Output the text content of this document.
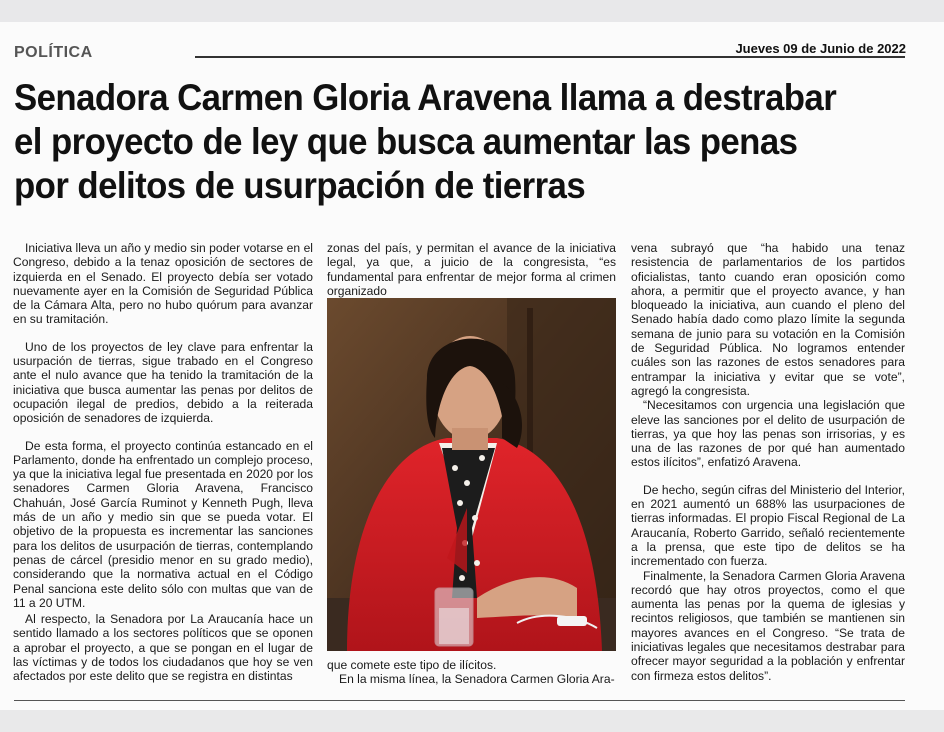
POLÍTICA	Jueves 09 de Junio de 2022
Senadora Carmen Gloria Aravena llama a destrabar el proyecto de ley que busca aumentar las penas por delitos de usurpación de tierras

Iniciativa lleva un año y medio sin poder votarse en el Congreso, debido a la tenaz oposición de sectores de izquierda en el Senado. El proyecto debía ser votado nuevamente ayer en la Comisión de Seguridad Pública de la Cámara Alta, pero no hubo quórum para avanzar en su tramitación.

Uno de los proyectos de ley clave para enfrentar la usurpación de tierras, sigue trabado en el Congreso ante el nulo avance que ha tenido la tramitación de la iniciativa que busca aumentar las penas por delitos de ocupación ilegal de predios, debido a la reiterada oposición de senadores de izquierda.

De esta forma, el proyecto continúa estancado en el Parlamento, donde ha enfrentado un complejo proceso, ya que la iniciativa legal fue presentada en 2020 por los senadores Carmen Gloria Aravena, Francisco Chahuán, José García Ruminot y Kenneth Pugh, lleva más de un año y medio sin que se pueda votar. El objetivo de la propuesta es incrementar las sanciones para los delitos de usurpación de tierras, contemplando penas de cárcel (presidio menor en su grado medio), considerando que la normativa actual en el Código Penal sanciona este delito sólo con multas que van de 11 a 20 UTM.

Al respecto, la Senadora por La Araucanía hace un sentido llamado a los sectores políticos que se oponen a aprobar el proyecto, a que se pongan en el lugar de las víctimas y de todos los ciudadanos que hoy se ven afectados por este delito que se registra en distintas

zonas del país, y permitan el avance de la iniciativa legal, ya que, a juicio de la congresista, “es fundamental para enfrentar de mejor forma al crimen organizado

que comete este tipo de ilícitos.

En la misma línea, la Senadora Carmen Gloria Ara-

vena subrayó que “ha habido una tenaz resistencia de parlamentarios de los partidos oficialistas, tanto cuando eran oposición como ahora, a permitir que el proyecto avance, y han bloqueado la iniciativa, aun cuando el pleno del Senado había dado como plazo límite la segunda semana de junio para su votación en la Comisión de Seguridad Pública. No logramos entender cuáles son las razones de estos senadores para entrampar la iniciativa y evitar que se vote”, agregó la congresista.

“Necesitamos con urgencia una legislación que eleve las sanciones por el delito de usurpación de tierras, ya que hoy las penas son irrisorias, y es una de las razones de por qué han aumentado estos ilícitos”, enfatizó Aravena.

De hecho, según cifras del Ministerio del Interior, en 2021 aumentó un 688% las usurpaciones de tierras informadas. El propio Fiscal Regional de La Araucanía, Roberto Garrido, señaló recientemente a la prensa, que este tipo de delitos se ha incrementado con fuerza.

Finalmente, la Senadora Carmen Gloria Aravena recordó que hay otros proyectos, como el que aumenta las penas por la quema de iglesias y recintos religiosos, que también se mantienen sin mayores avances en el Congreso. “Se trata de iniciativas legales que necesitamos destrabar para ofrecer mayor seguridad a la población y enfrentar con firmeza estos delitos”.
